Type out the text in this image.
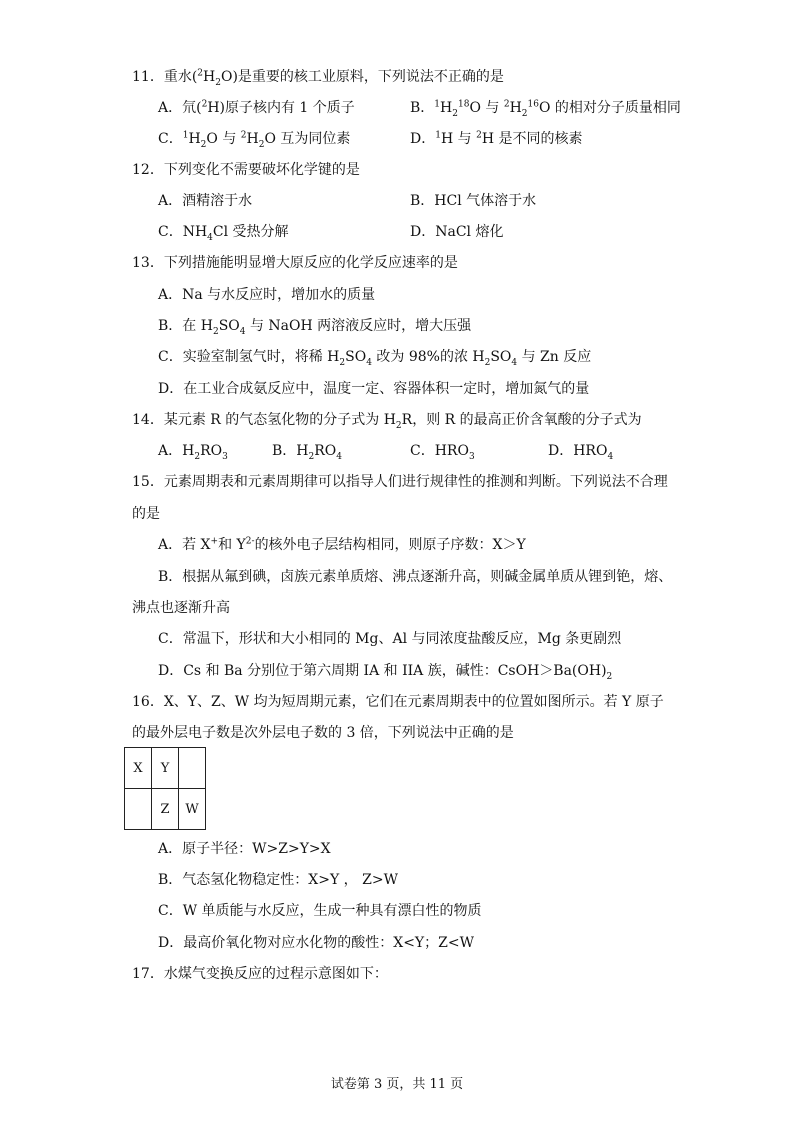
11．重水$(^2H_2O)$是重要的核工业原料，下列说法不正确的是
A．氘($^2$H)原子核内有 1 个质子	B．$^1H_2^{18}O$ 与 $^2H_2^{16}O$ 的相对分子质量相同
C．$^1H_2O$ 与 $^2H_2O$ 互为同位素	D．$^1$H 与 $^2$H 是不同的核素
12．下列变化不需要破坏化学键的是
A．酒精溶于水	B．HCl 气体溶于水
C．$NH_4Cl$ 受热分解	D．NaCl 熔化
13．下列措施能明显增大原反应的化学反应速率的是
A．Na 与水反应时，增加水的质量
B．在 $H_2SO_4$ 与 NaOH 两溶液反应时，增大压强
C．实验室制氢气时，将稀 $H_2SO_4$ 改为 98%的浓 $H_2SO_4$ 与 Zn 反应
D．在工业合成氨反应中，温度一定、容器体积一定时，增加氮气的量
14．某元素 R 的气态氢化物的分子式为 $H_2R$，则 R 的最高正价含氧酸的分子式为
A．$H_2RO_3$	B．$H_2RO_4$	C．$HRO_3$	D．$HRO_4$
15．元素周期表和元素周期律可以指导人们进行规律性的推测和判断。下列说法不合理
的是
A．若 X+和 $Y^{2-}$的核外电子层结构相同，则原子序数：X＞Y
B．根据从氟到碘，卤族元素单质熔、沸点逐渐升高，则碱金属单质从锂到铯，熔、
沸点也逐渐升高
C．常温下，形状和大小相同的 Mg、Al 与同浓度盐酸反应，Mg 条更剧烈
D．Cs 和 Ba 分别位于第六周期 IA 和 IIA 族，碱性：$CsOH>Ba(OH)_2$
16．X、Y、Z、W 均为短周期元素，它们在元素周期表中的位置如图所示。若 Y 原子
的最外层电子数是次外层电子数的 3 倍，下列说法中正确的是
X	Y	
	Z	W
A．原子半径：W>Z>Y>X
B．气态氢化物稳定性：X>Y ， Z>W
C．W 单质能与水反应，生成一种具有漂白性的物质
D．最高价氧化物对应水化物的酸性：X<Y；Z<W
17．水煤气变换反应的过程示意图如下：
试卷第 3 页，共 11 页
